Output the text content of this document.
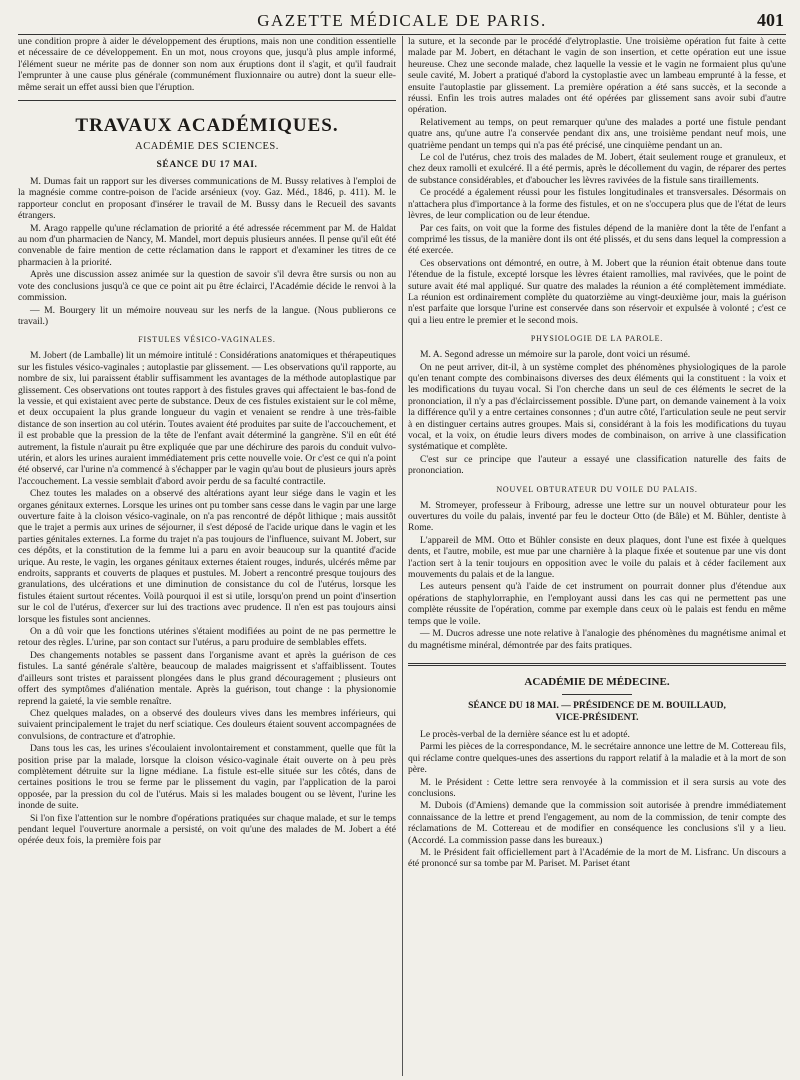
GAZETTE MÉDICALE DE PARIS.	401

une condition propre à aider le développement des éruptions, mais non une condition essentielle et nécessaire de ce développement. En un mot, nous croyons que, jusqu'à plus ample informé, l'élément sueur ne mérite pas de donner son nom aux éruptions dont il s'agit, et qu'il faudrait l'emprunter à une cause plus générale (communément fluxionnaire ou autre) dont la sueur elle-même serait un effet aussi bien que l'éruption.

TRAVAUX ACADÉMIQUES.
ACADÉMIE DES SCIENCES.
SÉANCE DU 17 MAI.

M. Dumas fait un rapport sur les diverses communications de M. Bussy relatives à l'emploi de la magnésie comme contre-poison de l'acide arsénieux (voy. Gaz. Méd., 1846, p. 411). M. le rapporteur conclut en proposant d'insérer le travail de M. Bussy dans le Recueil des savants étrangers.

M. Arago rappelle qu'une réclamation de priorité a été adressée récemment par M. de Haldat au nom d'un pharmacien de Nancy, M. Mandel, mort depuis plusieurs années. Il pense qu'il eût été convenable de faire mention de cette réclamation dans le rapport et d'examiner les titres de ce pharmacien à la priorité.

Après une discussion assez animée sur la question de savoir s'il devra être sursis ou non au vote des conclusions jusqu'à ce que ce point ait pu être éclairci, l'Académie décide le renvoi à la commission.

— M. Bourgery lit un mémoire nouveau sur les nerfs de la langue. (Nous publierons ce travail.)

FISTULES VÉSICO-VAGINALES.

M. Jobert (de Lamballe) lit un mémoire intitulé : Considérations anatomiques et thérapeutiques sur les fistules vésico-vaginales ; autoplastie par glissement. — Les observations qu'il rapporte, au nombre de six, lui paraissent établir suffisamment les avantages de la méthode autoplastique par glissement. Ces observations ont toutes rapport à des fistules graves qui affectaient le bas-fond de la vessie, et qui existaient avec perte de substance. Deux de ces fistules existaient sur le col même, et deux occupaient la plus grande longueur du vagin et venaient se rendre à une très-faible distance de son insertion au col utérin. Toutes avaient été produites par suite de l'accouchement, et il est probable que la pression de la tête de l'enfant avait déterminé la gangrène. S'il en eût été autrement, la fistule n'aurait pu être expliquée que par une déchirure des parois du conduit vulvo-utérin, et alors les urines auraient immédiatement pris cette nouvelle voie. Or c'est ce qui n'a point été observé, car l'urine n'a commencé à s'échapper par le vagin qu'au bout de plusieurs jours après l'accouchement. La vessie semblait d'abord avoir perdu de sa faculté contractile.

Chez toutes les malades on a observé des altérations ayant leur siége dans le vagin et les organes génitaux externes. Lorsque les urines ont pu tomber sans cesse dans le vagin par une large ouverture faite à la cloison vésico-vaginale, on n'a pas rencontré de dépôt lithique ; mais aussitôt que le trajet a permis aux urines de séjourner, il s'est déposé de l'acide urique dans le vagin et les parties génitales externes. La forme du trajet n'a pas toujours de l'influence, suivant M. Jobert, sur ces dépôts, et la constitution de la femme lui a paru en avoir beaucoup sur la quantité d'acide urique. Au reste, le vagin, les organes génitaux externes étaient rouges, indurés, ulcérés même par endroits, sapprants et couverts de plaques et pustules. M. Jobert a rencontré presque toujours des granulations, des ulcérations et une diminution de consistance du col de l'utérus, lorsque les fistules étaient surtout récentes. Voilà pourquoi il est si utile, lorsqu'on prend un point d'insertion sur le col de l'utérus, d'exercer sur lui des tractions avec prudence. Il n'en est pas toujours ainsi lorsque les fistules sont anciennes.

On a dû voir que les fonctions utérines s'étaient modifiées au point de ne pas permettre le retour des règles. L'urine, par son contact sur l'utérus, a paru produire de semblables effets.

Des changements notables se passent dans l'organisme avant et après la guérison de ces fistules. La santé générale s'altère, beaucoup de malades maigrissent et s'affaiblissent. Toutes d'ailleurs sont tristes et paraissent plongées dans le plus grand découragement ; plusieurs ont offert des symptômes d'aliénation mentale. Après la guérison, tout change : la physionomie reprend la gaieté, la vie semble renaître.

Chez quelques malades, on a observé des douleurs vives dans les membres inférieurs, qui suivaient principalement le trajet du nerf sciatique. Ces douleurs étaient souvent accompagnées de convulsions, de contracture et d'atrophie.

Dans tous les cas, les urines s'écoulaient involontairement et constamment, quelle que fût la position prise par la malade, lorsque la cloison vésico-vaginale était ouverte on à peu près complètement détruite sur la ligne médiane. La fistule est-elle située sur les côtés, dans de certaines positions le trou se ferme par le plissement du vagin, par l'application de la paroi opposée, par la pression du col de l'utérus. Mais si les malades bougent ou se lèvent, l'urine les inonde de suite.

Si l'on fixe l'attention sur le nombre d'opérations pratiquées sur chaque malade, et sur le temps pendant lequel l'ouverture anormale a persisté, on voit qu'une des malades de M. Jobert a été opérée deux fois, la première fois par

la suture, et la seconde par le procédé d'elytroplastie. Une troisième opération fut faite à cette malade par M. Jobert, en détachant le vagin de son insertion, et cette opération eut une issue heureuse. Chez une seconde malade, chez laquelle la vessie et le vagin ne formaient plus qu'une seule cavité, M. Jobert a pratiqué d'abord la cystoplastie avec un lambeau emprunté à la fesse, et ensuite l'autoplastie par glissement. La première opération a été sans succès, et la seconde a réussi. Enfin les trois autres malades ont été opérées par glissement sans avoir subi d'autre opération.

Relativement au temps, on peut remarquer qu'une des malades a porté une fistule pendant quatre ans, qu'une autre l'a conservée pendant dix ans, une troisième pendant neuf mois, une quatrième pendant un temps qui n'a pas été précisé, une cinquième pendant un an.

Le col de l'utérus, chez trois des malades de M. Jobert, était seulement rouge et granuleux, et chez deux ramolli et exulcéré. Il a été permis, après le décollement du vagin, de réparer des pertes de substance considérables, et d'aboucher les lèvres ravivées de la fistule sans tiraillements.

Ce procédé a également réussi pour les fistules longitudinales et transversales. Désormais on n'attachera plus d'importance à la forme des fistules, et on ne s'occupera plus que de l'état de leurs lèvres, de leur complication ou de leur étendue.

Par ces faits, on voit que la forme des fistules dépend de la manière dont la tête de l'enfant a comprimé les tissus, de la manière dont ils ont été plissés, et du sens dans lequel la compression a été exercée.

Ces observations ont démontré, en outre, à M. Jobert que la réunion était obtenue dans toute l'étendue de la fistule, excepté lorsque les lèvres étaient ramollies, mal ravivées, que le point de suture avait été mal appliqué. Sur quatre des malades la réunion a été complètement immédiate. La réunion est ordinairement complète du quatorzième au vingt-deuxième jour, mais la guérison n'est parfaite que lorsque l'urine est conservée dans son réservoir et expulsée à volonté ; c'est ce qui a lieu entre le premier et le second mois.

PHYSIOLOGIE DE LA PAROLE.

M. A. Segond adresse un mémoire sur la parole, dont voici un résumé.

On ne peut arriver, dit-il, à un système complet des phénomènes physiologiques de la parole qu'en tenant compte des combinaisons diverses des deux éléments qui la constituent : la voix et les modifications du tuyau vocal. Si l'on cherche dans un seul de ces éléments le secret de la prononciation, il n'y a pas d'éclaircissement possible. D'une part, on demande vainement à la voix la différence qu'il y a entre certaines consonnes ; d'un autre côté, l'articulation seule ne peut servir à en distinguer certains autres groupes. Mais si, considérant à la fois les modifications du tuyau vocal, et la voix, on étudie leurs divers modes de combinaison, on arrive à une classification systématique et complète.

C'est sur ce principe que l'auteur a essayé une classification naturelle des faits de prononciation.

NOUVEL OBTURATEUR DU VOILE DU PALAIS.

M. Stromeyer, professeur à Fribourg, adresse une lettre sur un nouvel obturateur pour les ouvertures du voile du palais, inventé par feu le docteur Otto (de Bâle) et M. Bühler, dentiste à Rome.

L'appareil de MM. Otto et Bühler consiste en deux plaques, dont l'une est fixée à quelques dents, et l'autre, mobile, est mue par une charnière à la plaque fixée et soutenue par une vis dont l'action sert à la tenir toujours en opposition avec le voile du palais et à céder facilement aux mouvements du palais et de la langue.

Les auteurs pensent qu'à l'aide de cet instrument on pourrait donner plus d'étendue aux opérations de staphylorraphie, en l'employant aussi dans les cas qui ne permettent pas une complète réussite de l'opération, comme par exemple dans ceux où le palais est fendu en même temps que le voile.

— M. Ducros adresse une note relative à l'analogie des phénomènes du magnétisme animal et du magnétisme minéral, démontrée par des faits pratiques.

ACADÉMIE DE MÉDECINE.
SÉANCE DU 18 MAI. — PRÉSIDENCE DE M. BOUILLAUD,
VICE-PRÉSIDENT.

Le procès-verbal de la dernière séance est lu et adopté.

Parmi les pièces de la correspondance, M. le secrétaire annonce une lettre de M. Cottereau fils, qui réclame contre quelques-unes des assertions du rapport relatif à la maladie et à la mort de son père.

M. le Président : Cette lettre sera renvoyée à la commission et il sera sursis au vote des conclusions.

M. Dubois (d'Amiens) demande que la commission soit autorisée à prendre immédiatement connaissance de la lettre et prend l'engagement, au nom de la commission, de tenir compte des réclamations de M. Cottereau et de modifier en conséquence les conclusions s'il y a lieu. (Accordé. La commission passe dans les bureaux.)

M. le Président fait officiellement part à l'Académie de la mort de M. Lisfranc. Un discours a été prononcé sur sa tombe par M. Pariset. M. Pariset étant
